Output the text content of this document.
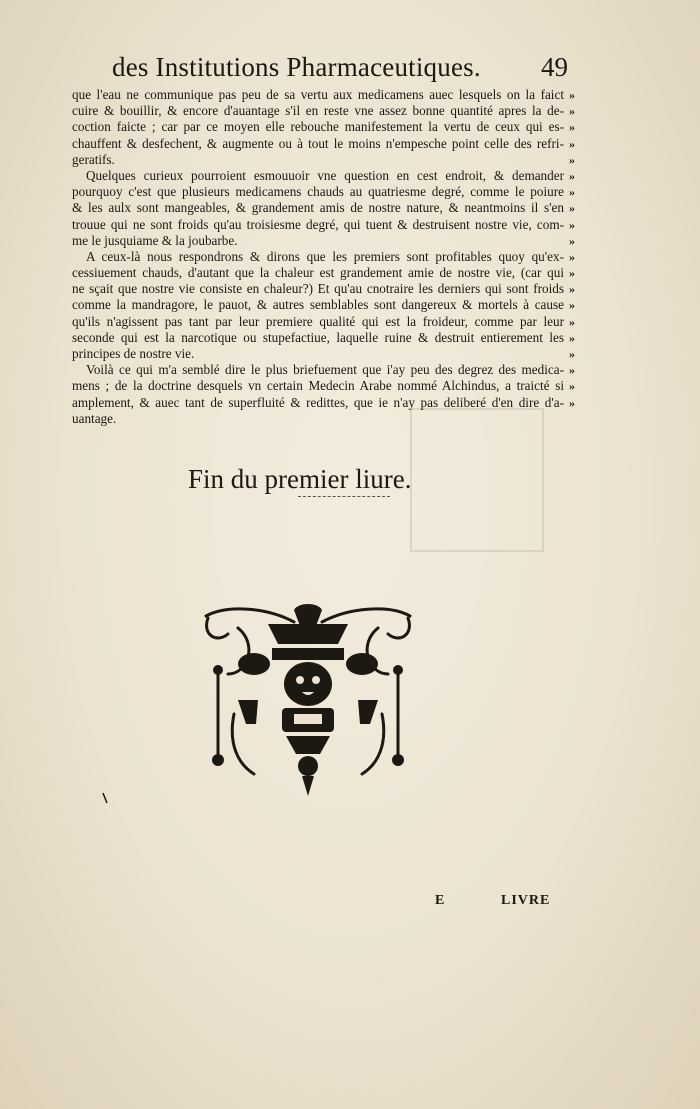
des Institutions Pharmaceutiques. 49
que l'eau ne communique pas peu de sa vertu aux medicamens auec lesquels on la faict
cuire & bouillir, & encore d'auantage s'il en reste vne assez bonne quantité apres la de-
coction faicte ; car par ce moyen elle rebouche manifestement la vertu de ceux qui es-
chauffent & desfechent, & augmente ou à tout le moins n'empesche point celle des refri-
geratifs.
Quelques curieux pourroient esmouuoir vne question en cest endroit, & demander
pourquoy c'est que plusieurs medicamens chauds au quatriesme degré, comme le poiure
& les aulx sont mangeables, & grandement amis de nostre nature, & neantmoins il s'en
trouue qui ne sont froids qu'au troisiesme degré, qui tuent & destruisent nostre vie, com-
me le jusquiame & la joubarbe.
A ceux-là nous respondrons & dirons que les premiers sont profitables quoy qu'ex-
cessiuement chauds, d'autant que la chaleur est grandement amie de nostre vie, (car qui
ne sçait que nostre vie consiste en chaleur?) Et qu'au cnotraire les derniers qui sont froids
comme la mandragore, le pauot, & autres semblables sont dangereux & mortels à cause
qu'ils n'agissent pas tant par leur premiere qualité qui est la froideur, comme par leur
seconde qui est la narcotique ou stupefactiue, laquelle ruine & destruit entierement les
principes de nostre vie.
Voilà ce qui m'a semblé dire le plus briefuement que i'ay peu des degrez des medica-
mens ; de la doctrine desquels vn certain Medecin Arabe nommé Alchindus, a traicté si
amplement, & auec tant de superfluité & redittes, que ie n'ay pas deliberé d'en dire d'a-
uantage.
»
»
»
»
»
»
»
»
»
»
»
»
»
»
»
»
»
»
»
»
Fin du premier liure.
E	LIVRE
